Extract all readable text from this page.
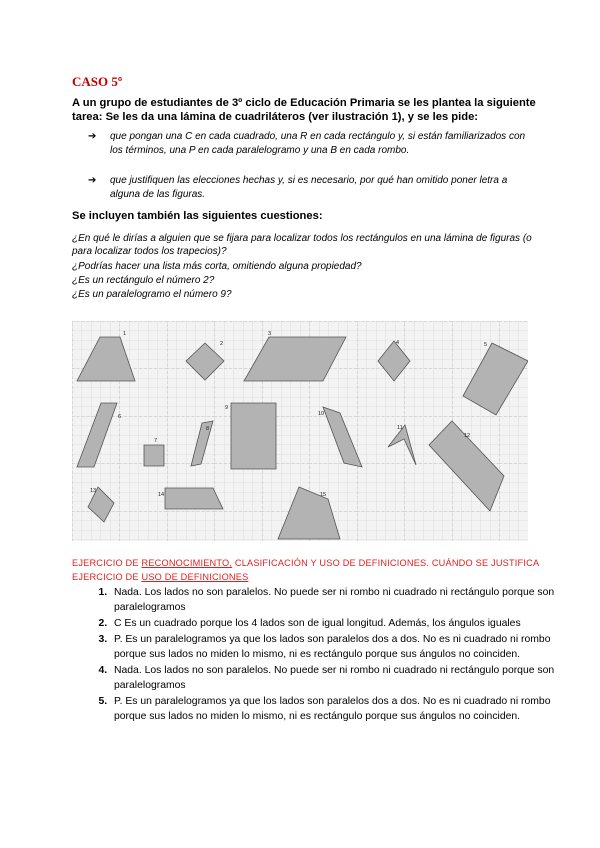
CASO 5º
A un grupo de estudiantes de 3º ciclo de Educación Primaria se les plantea la siguiente tarea: Se les da una lámina de cuadriláteros (ver ilustración 1), y se les pide:
➔ que pongan una C en cada cuadrado, una R en cada rectángulo y, si están familiarizados con los términos, una P en cada paralelogramo y una B en cada rombo.
➔ que justifiquen las elecciones hechas y, si es necesario, por qué han omitido poner letra a alguna de las figuras.
Se incluyen también las siguientes cuestiones:
¿En qué le dirías a alguien que se fijara para localizar todos los rectángulos en una lámina de figuras (o para localizar todos los trapecios)?
¿Podrías hacer una lista más corta, omitiendo alguna propiedad?
¿Es un rectángulo el número 2?
¿Es un paralelogramo el número 9?
1
2
3
4	5
6
7
8
9
10
11
12
13
14	15
EJERCICIO DE RECONOCIMIENTO, CLASIFICACIÓN Y USO DE DEFINICIONES. CUÁNDO SE JUSTIFICA EJERCICIO DE USO DE DEFINICIONES
1. Nada. Los lados no son paralelos. No puede ser ni rombo ni cuadrado ni rectángulo porque son paralelogramos
2. C Es un cuadrado porque los 4 lados son de igual longitud. Además, los ángulos iguales
3. P. Es un paralelogramos ya que los lados son paralelos dos a dos. No es ni cuadrado ni rombo porque sus lados no miden lo mismo, ni es rectángulo porque sus ángulos no coinciden.
4. Nada. Los lados no son paralelos. No puede ser ni rombo ni cuadrado ni rectángulo porque son paralelogramos
5. P. Es un paralelogramos ya que los lados son paralelos dos a dos. No es ni cuadrado ni rombo porque sus lados no miden lo mismo, ni es rectángulo porque sus ángulos no coinciden.
